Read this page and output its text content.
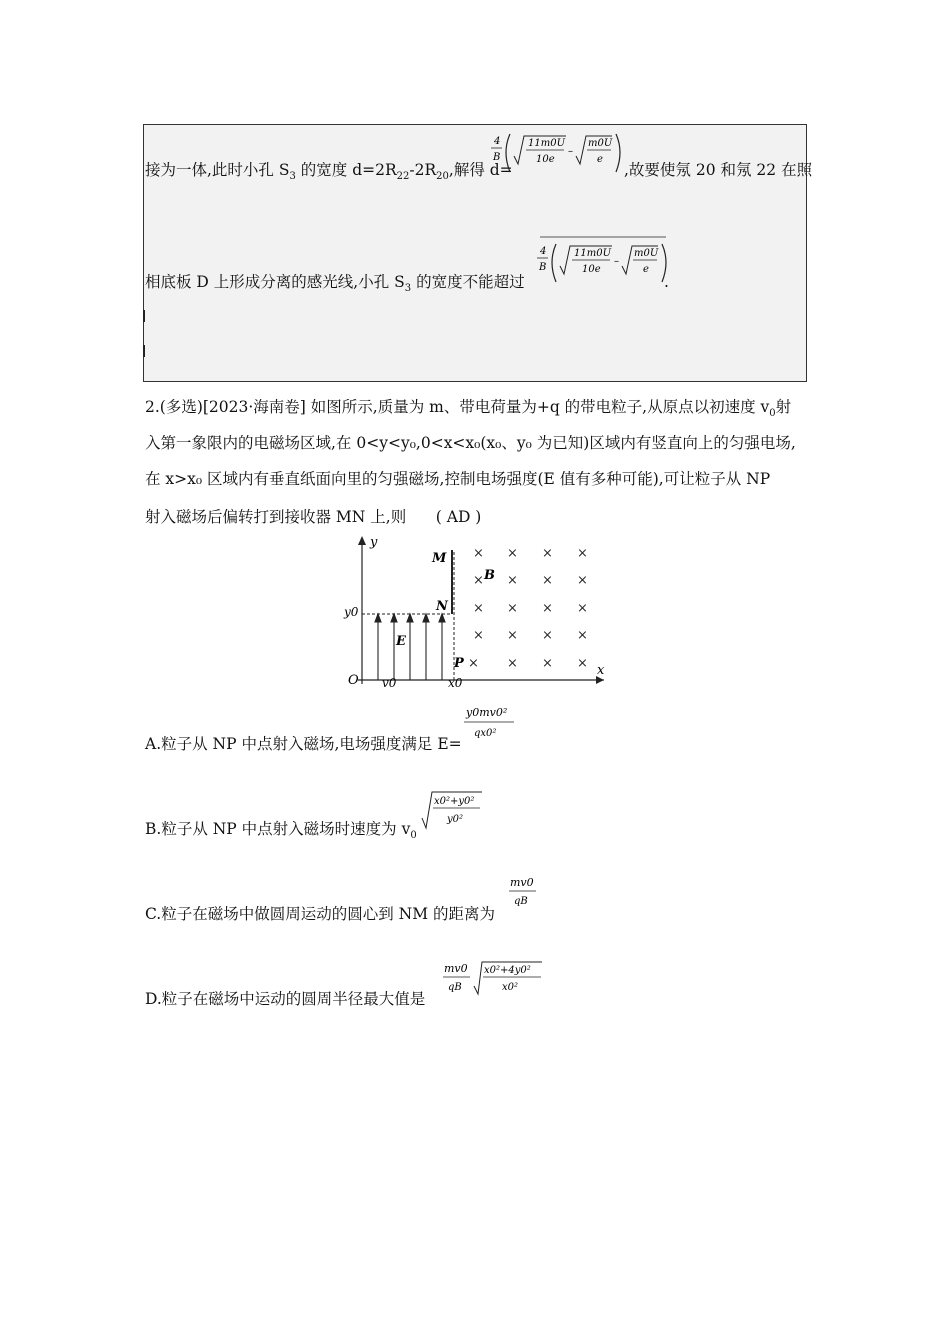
接为一体,此时小孔 $S_3$ 的宽度 $d=2R_{22}-2R_{20}$,解得 d=
4
B
11m0U
10e
–
m0U
e
,故要使氖 20 和氖 22 在照
相底板 D 上形成分离的感光线,小孔 $S_3$ 的宽度不能超过
4
B
11m0U
10e
–
m0U
e
.
2.(多选)[2023·海南卷] 如图所示,质量为 m、带电荷量为+q 的带电粒子,从原点以初速度 $v_0$射
入第一象限内的电磁场区域,在 0<y<y₀,0<x<x₀(x₀、y₀ 为已知)区域内有竖直向上的匀强电场,
在 x>x₀ 区域内有垂直纸面向里的匀强磁场,控制电场强度(E 值有多种可能),可让粒子从 NP
射入磁场后偏转打到接收器 MN 上,则 ( AD )
y
x
O
y0
x0
v0
E
M
N
P
B
× × × ×
× × × ×
× × × ×
× × × ×
× × × ×
A.粒子从 NP 中点射入磁场,电场强度满足 E=
y0mv0²
qx0²
B.粒子从 NP 中点射入磁场时速度为 $v_0$
x0²+y0²
y0²
C.粒子在磁场中做圆周运动的圆心到 NM 的距离为
mv0
qB
D.粒子在磁场中运动的圆周半径最大值是
mv0
qB
x0²+4y0²
x0²
